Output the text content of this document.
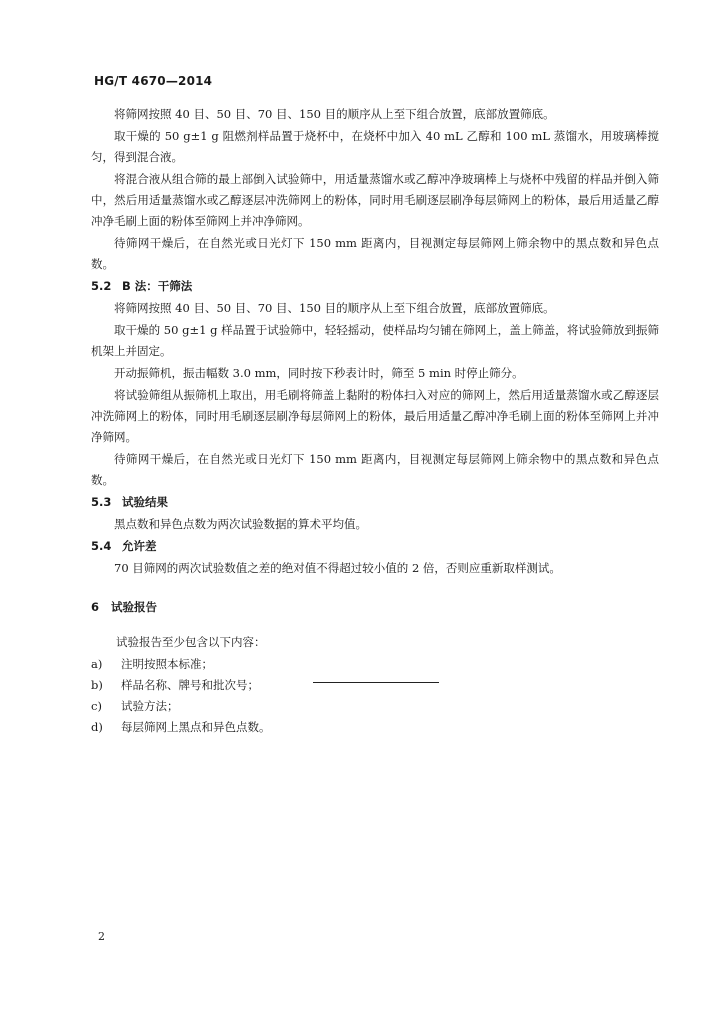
HG/T 4670—2014

将筛网按照 40 目、50 目、70 目、150 目的顺序从上至下组合放置，底部放置筛底。

取干燥的 50 g±1 g 阻燃剂样品置于烧杯中，在烧杯中加入 40 mL 乙醇和 100 mL 蒸馏水，用玻璃棒搅匀，得到混合液。

将混合液从组合筛的最上部倒入试验筛中，用适量蒸馏水或乙醇冲净玻璃棒上与烧杯中残留的样品并倒入筛中，然后用适量蒸馏水或乙醇逐层冲洗筛网上的粉体，同时用毛刷逐层刷净每层筛网上的粉体，最后用适量乙醇冲净毛刷上面的粉体至筛网上并冲净筛网。

待筛网干燥后，在自然光或日光灯下 150 mm 距离内，目视测定每层筛网上筛余物中的黑点数和异色点数。

5.2 B 法：干筛法

将筛网按照 40 目、50 目、70 目、150 目的顺序从上至下组合放置，底部放置筛底。

取干燥的 50 g±1 g 样品置于试验筛中，轻轻摇动，使样品均匀铺在筛网上，盖上筛盖，将试验筛放到振筛机架上并固定。

开动振筛机，振击幅数 3.0 mm，同时按下秒表计时，筛至 5 min 时停止筛分。

将试验筛组从振筛机上取出，用毛刷将筛盖上黏附的粉体扫入对应的筛网上，然后用适量蒸馏水或乙醇逐层冲洗筛网上的粉体，同时用毛刷逐层刷净每层筛网上的粉体，最后用适量乙醇冲净毛刷上面的粉体至筛网上并冲净筛网。

待筛网干燥后，在自然光或日光灯下 150 mm 距离内，目视测定每层筛网上筛余物中的黑点数和异色点数。

5.3 试验结果

黑点数和异色点数为两次试验数据的算术平均值。

5.4 允许差

70 目筛网的两次试验数值之差的绝对值不得超过较小值的 2 倍，否则应重新取样测试。

6	试验报告

试验报告至少包含以下内容：

a)	注明按照本标准；
b)	样品名称、牌号和批次号；
c)	试验方法；
d)	每层筛网上黑点和异色点数。
2
